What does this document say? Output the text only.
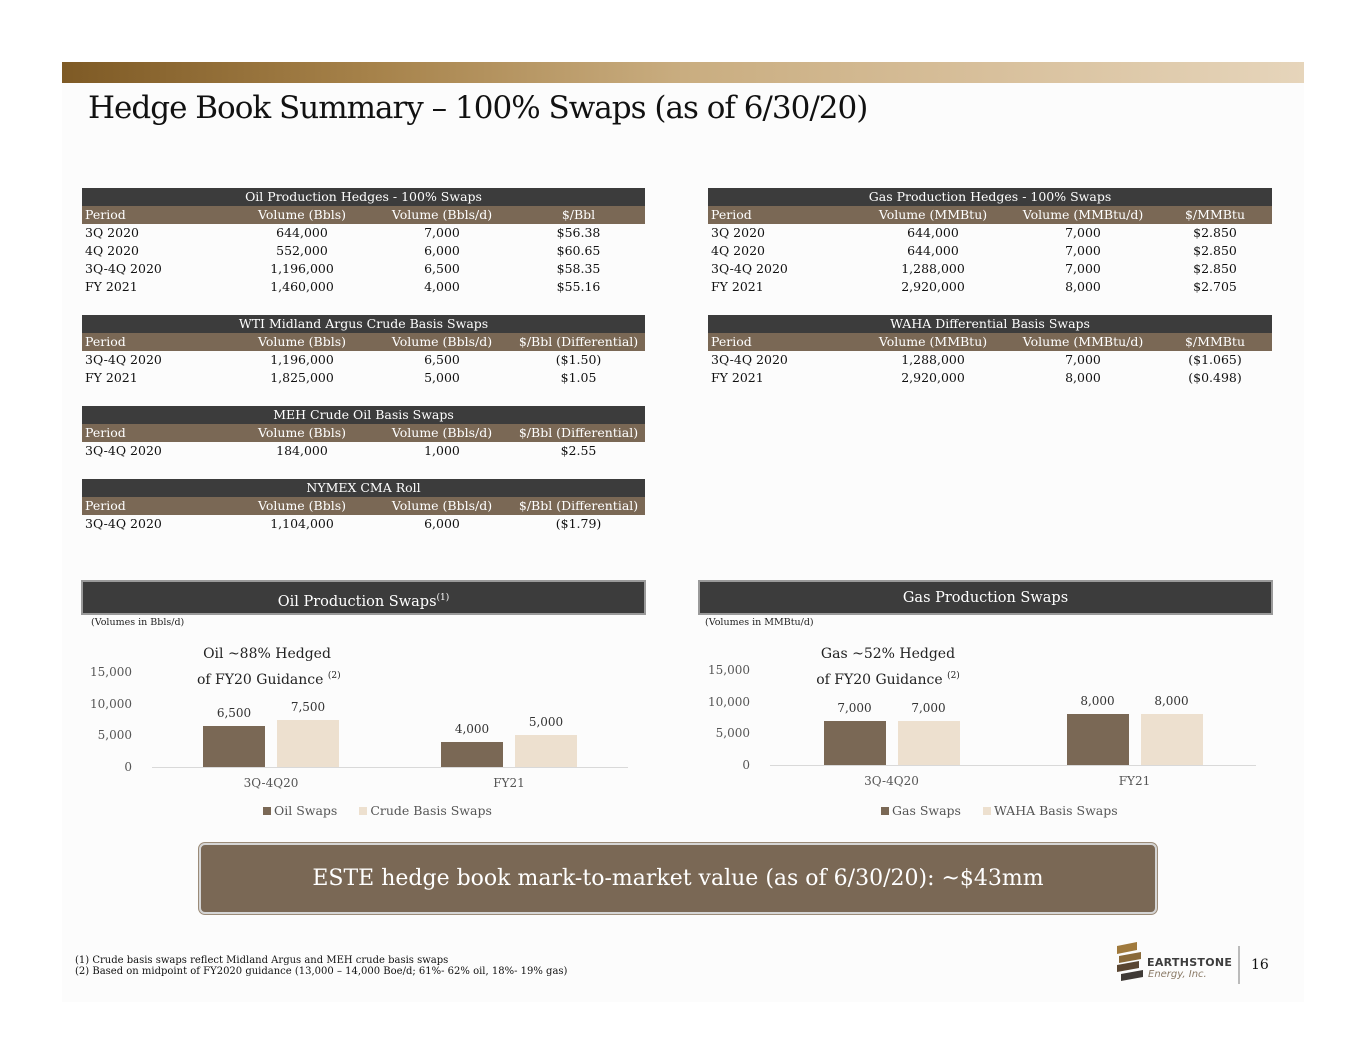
Hedge Book Summary – 100% Swaps (as of 6/30/20)
Oil Production Hedges - 100% Swaps			
Period	Volume (Bbls)	Volume (Bbls/d)	$/Bbl
3Q 2020	644,000	7,000	$56.38
4Q 2020	552,000	6,000	$60.65
3Q-4Q 2020	1,196,000	6,500	$58.35
FY 2021	1,460,000	4,000	$55.16
Gas Production Hedges - 100% Swaps			
Period	Volume (MMBtu)	Volume (MMBtu/d)	$/MMBtu
3Q 2020	644,000	7,000	$2.850
4Q 2020	644,000	7,000	$2.850
3Q-4Q 2020	1,288,000	7,000	$2.850
FY 2021	2,920,000	8,000	$2.705
WTI Midland Argus Crude Basis Swaps			
Period	Volume (Bbls)	Volume (Bbls/d)	$/Bbl (Differential)
3Q-4Q 2020	1,196,000	6,500	($1.50)
FY 2021	1,825,000	5,000	$1.05
WAHA Differential Basis Swaps			
Period	Volume (MMBtu)	Volume (MMBtu/d)	$/MMBtu
3Q-4Q 2020	1,288,000	7,000	($1.065)
FY 2021	2,920,000	8,000	($0.498)
MEH Crude Oil Basis Swaps			
Period	Volume (Bbls)	Volume (Bbls/d)	$/Bbl (Differential)
3Q-4Q 2020	184,000	1,000	$2.55
NYMEX CMA Roll			
Period	Volume (Bbls)	Volume (Bbls/d)	$/Bbl (Differential)
3Q-4Q 2020	1,104,000	6,000	($1.79)
Oil Production Swaps$^{(1)}$
(Volumes in Bbls/d)
Oil ~88% Hedged
of FY20 Guidance $^{(2)}$
15,000
10,000
5,000
0
6,500	7,500
3Q-4Q20
4,000	5,000
FY21
Oil Swaps	Crude Basis Swaps
Gas Production Swaps
(Volumes in MMBtu/d)
Gas ~52% Hedged
of FY20 Guidance $^{(2)}$
15,000
10,000
5,000
0
7,000	7,000
3Q-4Q20
8,000	8,000
FY21
Gas Swaps	WAHA Basis Swaps
ESTE hedge book mark-to-market value (as of 6/30/20): ~$43mm
(1) Crude basis swaps reflect Midland Argus and MEH crude basis swaps
(2) Based on midpoint of FY2020 guidance (13,000 – 14,000 Boe/d; 61%- 62% oil, 18%- 19% gas)
EARTHSTONE
Energy, Inc.
16
